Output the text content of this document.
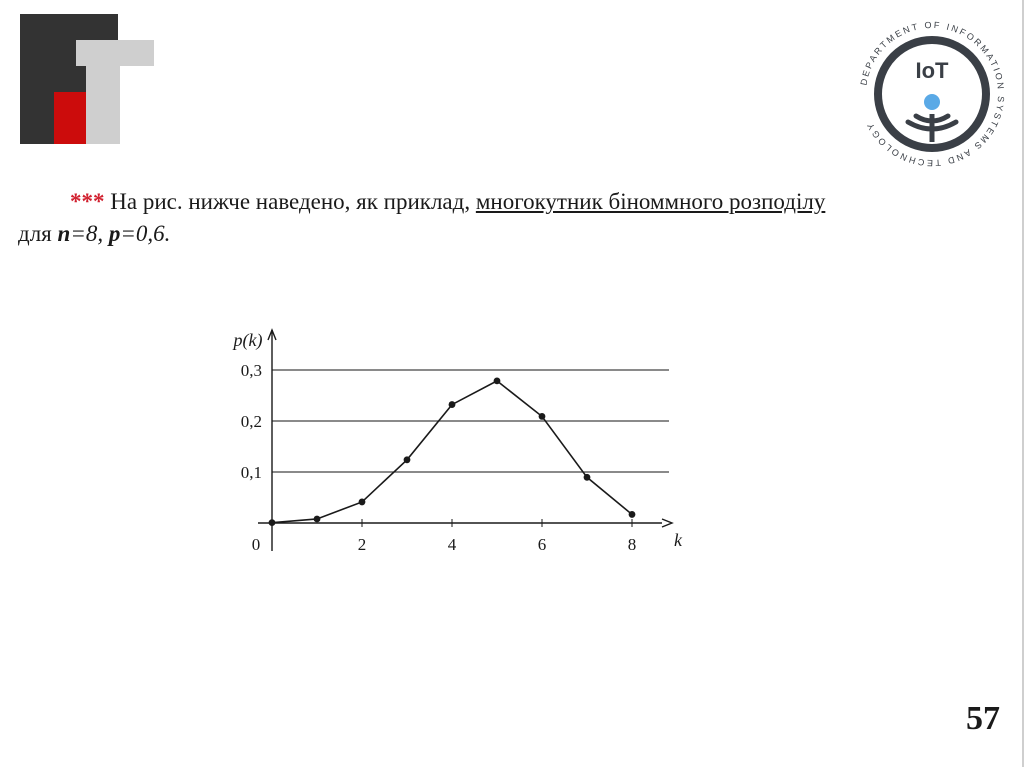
DEPARTMENT OF INFORMATION SYSTEMS AND TECHNOLOGY
IoT
*** На рис. нижче наведено, як приклад, многокутник біноммного розподілу
для n=8, p=0,6.
0,1
0,2
0,3
0	2	4	6	8
p(k)
k
57
